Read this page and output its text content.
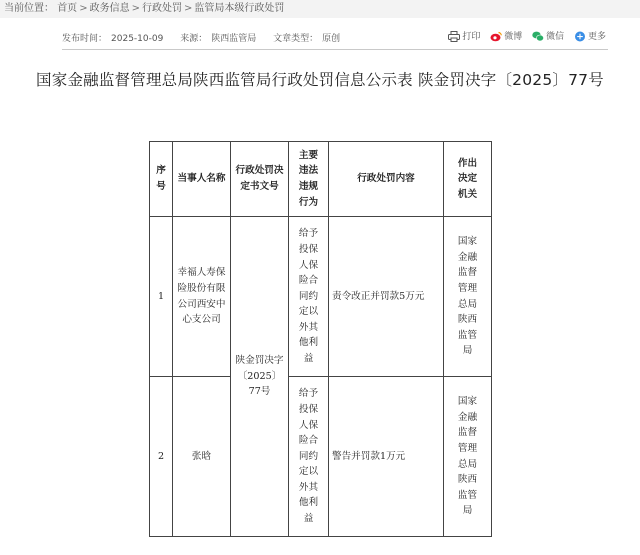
当前位置： 首页 > 政务信息 > 行政处罚 > 监管局本级行政处罚
发布时间： 2025-10-09 来源： 陕西监管局 文章类型： 原创	打印	微博	微信	更多
国家金融监督管理总局陕西监管局行政处罚信息公示表 陕金罚决字〔2025〕77号
序号	当事人名称	行政处罚决定书文号	主要违法违规行为	行政处罚内容	作出决定机关

1	幸福人寿保险股份有限公司西安中心支公司	陕金罚决字〔2025〕77号	给予投保人保险合同约定以外其他利益	责令改正并罚款5万元	国家金融监督管理总局陕西监管局

2	张晗		给予投保人保险合同约定以外其他利益	警告并罚款1万元	国家金融监督管理总局陕西监管局
